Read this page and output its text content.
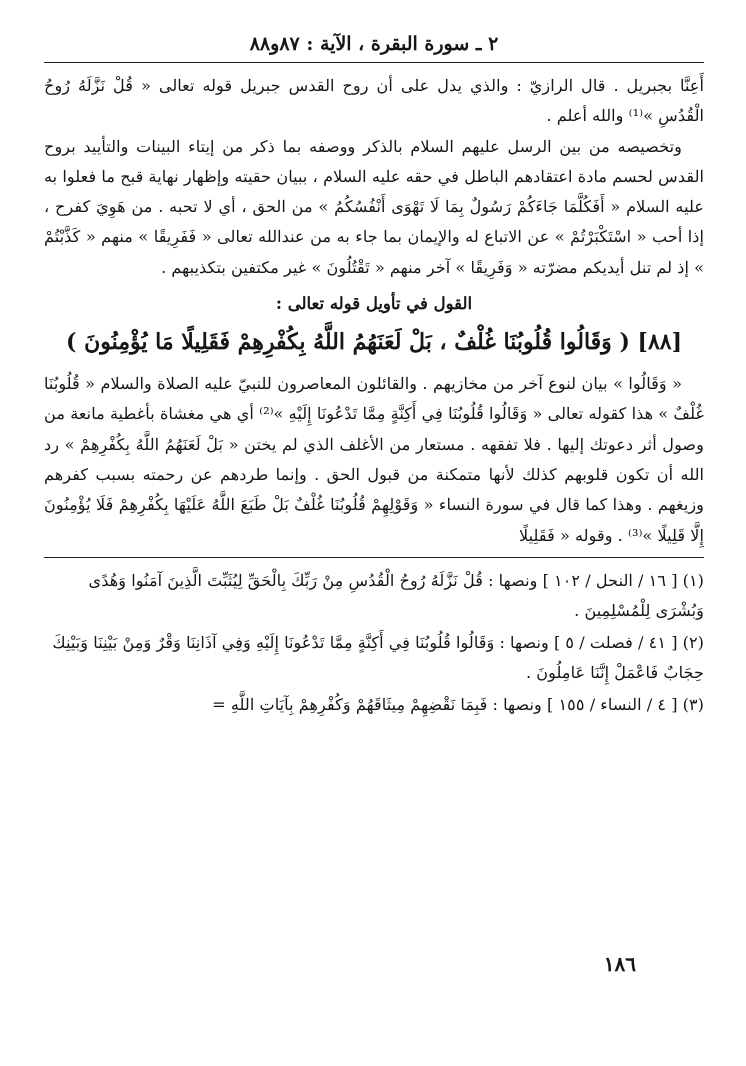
٢ ـ سورة البقرة ، الآية : ٨٧و٨٨

أَعِنَّا بجبريل . قال الرازيّ : والذي يدل على أن روح القدس جبريل قوله تعالى « قُلْ نَزَّلَهُ رُوحُ الْقُدُسِ »⁽¹⁾ والله أعلم .

وتخصيصه من بين الرسل عليهم السلام بالذكر ووصفه بما ذكر من إيتاء البينات والتأييد بروح القدس لحسم مادة اعتقادهم الباطل في حقه عليه السلام ، ببيان حقيته وإظهار نهاية قبح ما فعلوا به عليه السلام « أَفَكُلَّمَا جَاءَكُمْ رَسُولٌ بِمَا لَا تَهْوَى أَنْفُسُكُمُ » من الحق ، أي لا تحبه . من هَوِيَ كفرح ، إذا أحب « اسْتَكْبَرْتُمْ » عن الاتباع له والإيمان بما جاء به من عندالله تعالى « فَفَرِيقًا » منهم « كَذَّبْتُمْ » إذ لم تنل أيديكم مضرّته « وَفَرِيقًا » آخر منهم « تَقْتُلُونَ » غير مكتفين بتكذيبهم .

القول في تأويل قوله تعالى :
[٨٨] ( وَقَالُوا قُلُوبُنَا غُلْفٌ ، بَلْ لَعَنَهُمُ اللَّهُ بِكُفْرِهِمْ فَقَلِيلًا مَا يُؤْمِنُونَ )

« وَقَالُوا » بيان لنوع آخر من مخازيهم . والقائلون المعاصرون للنبيّ عليه الصلاة والسلام « قُلُوبُنَا غُلْفٌ » هذا كقوله تعالى « وَقَالُوا قُلُوبُنَا فِي أَكِنَّةٍ مِمَّا تَدْعُونَا إِلَيْهِ »⁽²⁾ أي هي مغشاة بأغطية مانعة من وصول أثر دعوتك إليها . فلا تفقهه . مستعار من الأغلف الذي لم يختن « بَلْ لَعَنَهُمُ اللَّهُ بِكُفْرِهِمْ » رد الله أن تكون قلوبهم كذلك لأنها متمكنة من قبول الحق . وإنما طردهم عن رحمته بسبب كفرهم وزيغهم . وهذا كما قال في سورة النساء « وَقَوْلِهِمْ قُلُوبُنَا غُلْفٌ بَلْ طَبَعَ اللَّهُ عَلَيْهَا بِكُفْرِهِمْ فَلَا يُؤْمِنُونَ إِلَّا قَلِيلًا »⁽³⁾ . وقوله « فَقَلِيلًا

(١) [ ١٦ / النحل / ١٠٢ ] ونصها : قُلْ نَزَّلَهُ رُوحُ الْقُدُسِ مِنْ رَبِّكَ بِالْحَقِّ لِيُثَبِّتَ الَّذِينَ آمَنُوا وَهُدًى وَبُشْرَى لِلْمُسْلِمِينَ .

(٢) [ ٤١ / فصلت / ٥ ] ونصها : وَقَالُوا قُلُوبُنَا فِي أَكِنَّةٍ مِمَّا تَدْعُونَا إِلَيْهِ وَفِي آذَانِنَا وَقْرٌ وَمِنْ بَيْنِنَا وَبَيْنِكَ حِجَابٌ فَاعْمَلْ إِنَّنَا عَامِلُونَ .

(٣) [ ٤ / النساء / ١٥٥ ] ونصها : فَبِمَا نَقْضِهِمْ مِيثَاقَهُمْ وَكُفْرِهِمْ بِآيَاتِ اللَّهِ =

١٨٦
